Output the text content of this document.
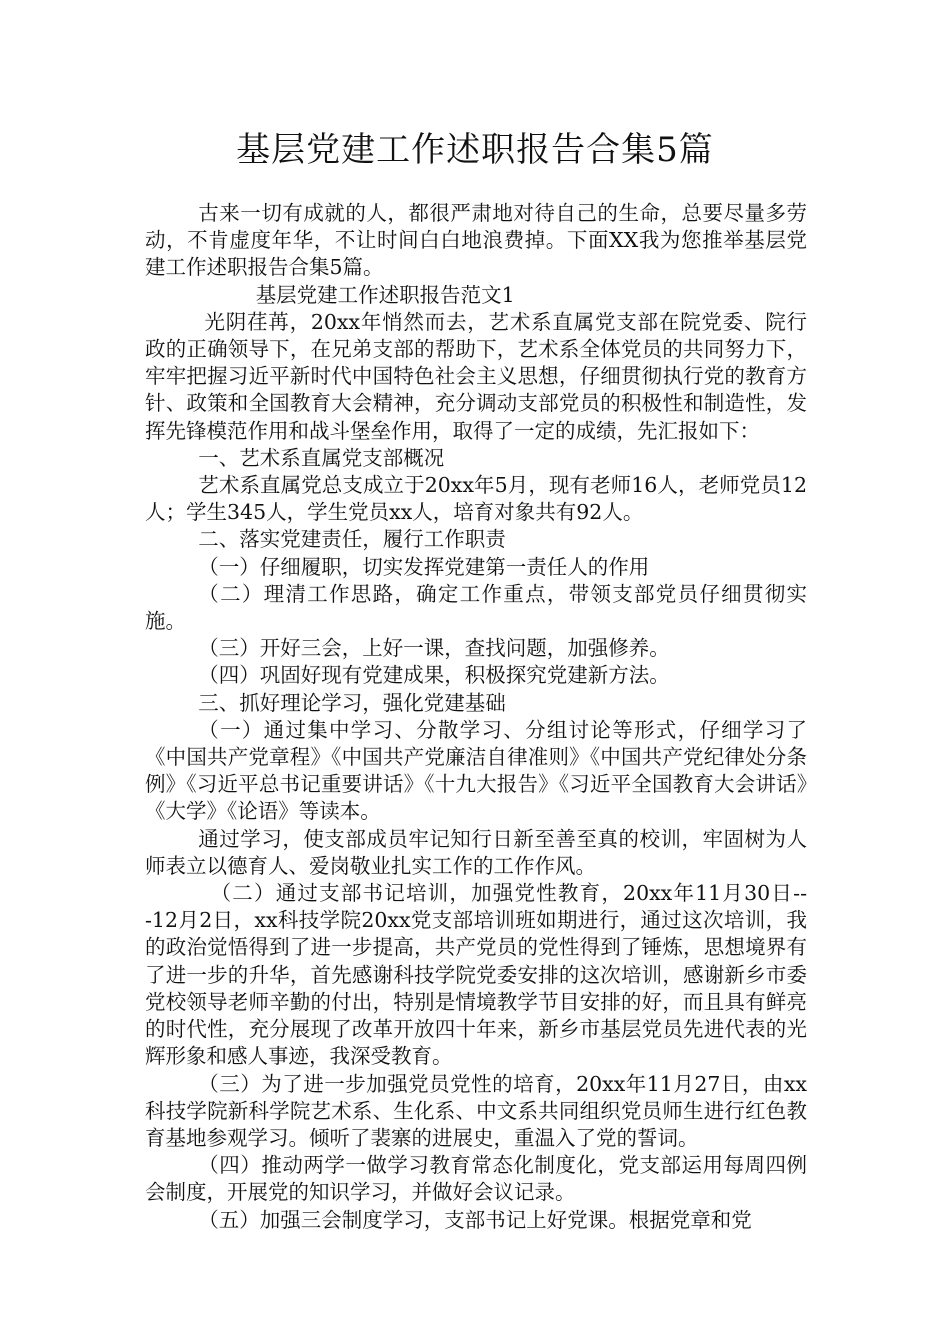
基层党建工作述职报告合集5篇

古来一切有成就的人，都很严肃地对待自己的生命，总要尽量多劳动，不肯虚度年华，不让时间白白地浪费掉。下面XX我为您推举基层党建工作述职报告合集5篇。

基层党建工作述职报告范文1

光阴荏苒，20xx年悄然而去，艺术系直属党支部在院党委、院行政的正确领导下，在兄弟支部的帮助下，艺术系全体党员的共同努力下，牢牢把握习近平新时代中国特色社会主义思想，仔细贯彻执行党的教育方针、政策和全国教育大会精神，充分调动支部党员的积极性和制造性，发挥先锋模范作用和战斗堡垒作用，取得了一定的成绩，先汇报如下：

一、艺术系直属党支部概况

艺术系直属党总支成立于20xx年5月，现有老师16人，老师党员12人；学生345人，学生党员xx人，培育对象共有92人。

二、落实党建责任，履行工作职责

（一）仔细履职，切实发挥党建第一责任人的作用

（二）理清工作思路，确定工作重点，带领支部党员仔细贯彻实施。

（三）开好三会，上好一课，查找问题，加强修养。

（四）巩固好现有党建成果，积极探究党建新方法。

三、抓好理论学习，强化党建基础

（一）通过集中学习、分散学习、分组讨论等形式，仔细学习了《中国共产党章程》《中国共产党廉洁自律准则》《中国共产党纪律处分条例》《习近平总书记重要讲话》《十九大报告》《习近平全国教育大会讲话》《大学》《论语》等读本。

通过学习，使支部成员牢记知行日新至善至真的校训，牢固树为人师表立以德育人、爱岗敬业扎实工作的工作作风。

（二）通过支部书记培训，加强党性教育，20xx年11月30日---12月2日，xx科技学院20xx党支部培训班如期进行，通过这次培训，我的政治觉悟得到了进一步提高，共产党员的党性得到了锤炼，思想境界有了进一步的升华，首先感谢科技学院党委安排的这次培训，感谢新乡市委党校领导老师辛勤的付出，特别是情境教学节目安排的好，而且具有鲜亮的时代性，充分展现了改革开放四十年来，新乡市基层党员先进代表的光辉形象和感人事迹，我深受教育。

（三）为了进一步加强党员党性的培育，20xx年11月27日，由xx科技学院新科学院艺术系、生化系、中文系共同组织党员师生进行红色教育基地参观学习。倾听了裴寨的进展史，重温入了党的誓词。

（四）推动两学一做学习教育常态化制度化，党支部运用每周四例会制度，开展党的知识学习，并做好会议记录。

（五）加强三会制度学习，支部书记上好党课。根据党章和党
